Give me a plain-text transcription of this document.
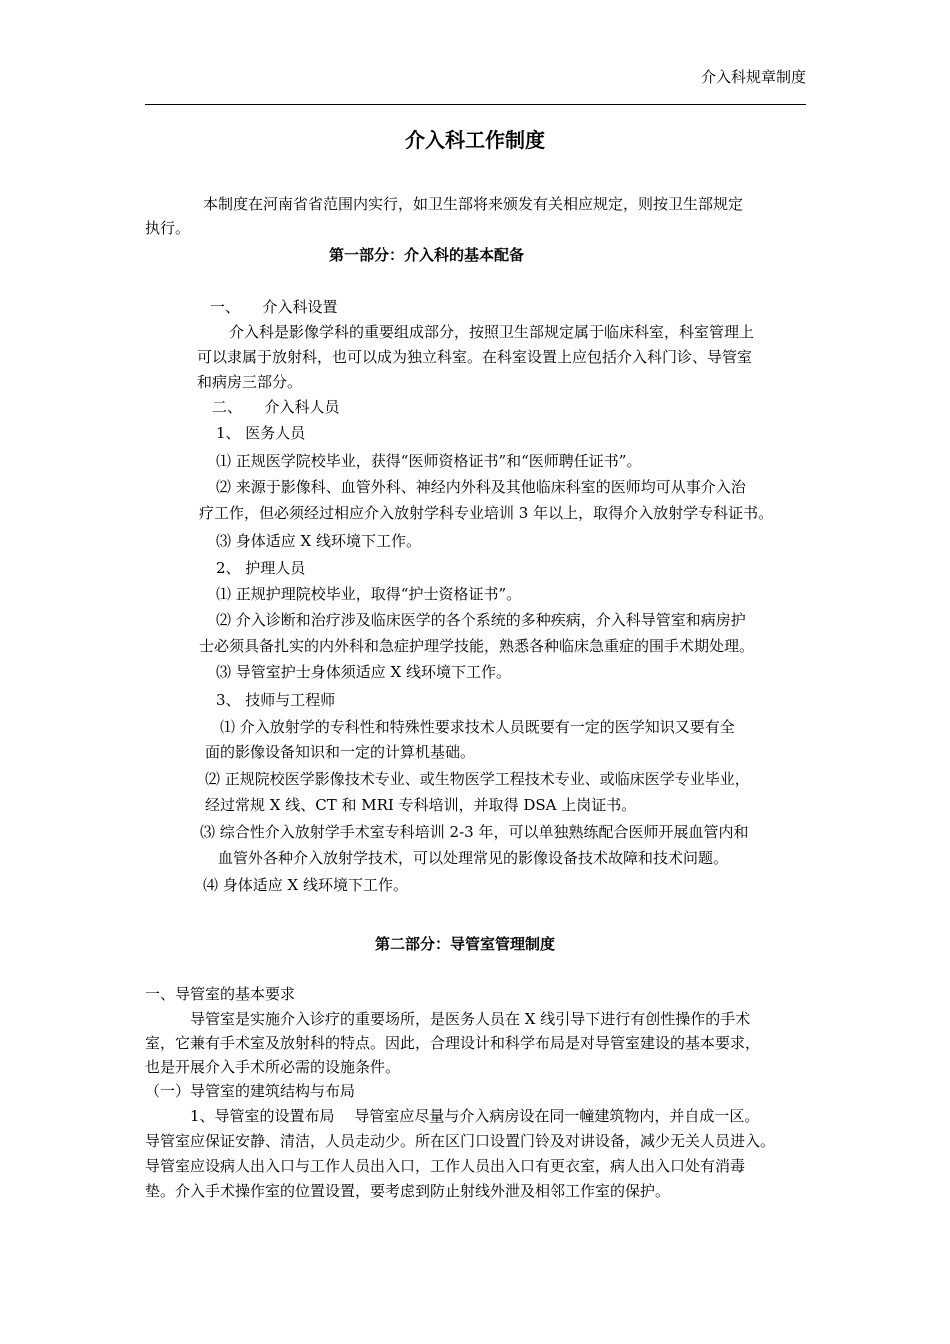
介入科规章制度
介入科工作制度
本制度在河南省省范围内实行，如卫生部将来颁发有关相应规定，则按卫生部规定
执行。
第一部分：介入科的基本配备
一、　　介入科设置
介入科是影像学科的重要组成部分，按照卫生部规定属于临床科室，科室管理上
可以隶属于放射科，也可以成为独立科室。在科室设置上应包括介入科门诊、导管室
和病房三部分。
二、　　介入科人员
1、 医务人员
⑴ 正规医学院校毕业，获得“医师资格证书”和“医师聘任证书”。
⑵ 来源于影像科、血管外科、神经内外科及其他临床科室的医师均可从事介入治
疗工作，但必须经过相应介入放射学科专业培训 3 年以上，取得介入放射学专科证书。
⑶ 身体适应 X 线环境下工作。
2、 护理人员
⑴ 正规护理院校毕业，取得“护士资格证书”。
⑵ 介入诊断和治疗涉及临床医学的各个系统的多种疾病，介入科导管室和病房护
士必须具备扎实的内外科和急症护理学技能，熟悉各种临床急重症的围手术期处理。
⑶ 导管室护士身体须适应 X 线环境下工作。
3、 技师与工程师
⑴ 介入放射学的专科性和特殊性要求技术人员既要有一定的医学知识又要有全
面的影像设备知识和一定的计算机基础。
⑵ 正规院校医学影像技术专业、或生物医学工程技术专业、或临床医学专业毕业，
经过常规 X 线、CT 和 MRI 专科培训，并取得 DSA 上岗证书。
⑶ 综合性介入放射学手术室专科培训 2-3 年，可以单独熟练配合医师开展血管内和
血管外各种介入放射学技术，可以处理常见的影像设备技术故障和技术问题。
⑷ 身体适应 X 线环境下工作。
第二部分：导管室管理制度
一、导管室的基本要求
导管室是实施介入诊疗的重要场所，是医务人员在 X 线引导下进行有创性操作的手术
室，它兼有手术室及放射科的特点。因此，合理设计和科学布局是对导管室建设的基本要求，
也是开展介入手术所必需的设施条件。
（一）导管室的建筑结构与布局
1、导管室的设置布局　 导管室应尽量与介入病房设在同一幢建筑物内，并自成一区。
导管室应保证安静、清洁，人员走动少。所在区门口设置门铃及对讲设备，减少无关人员进入。
导管室应设病人出入口与工作人员出入口，工作人员出入口有更衣室，病人出入口处有消毒
垫。介入手术操作室的位置设置，要考虑到防止射线外泄及相邻工作室的保护。
